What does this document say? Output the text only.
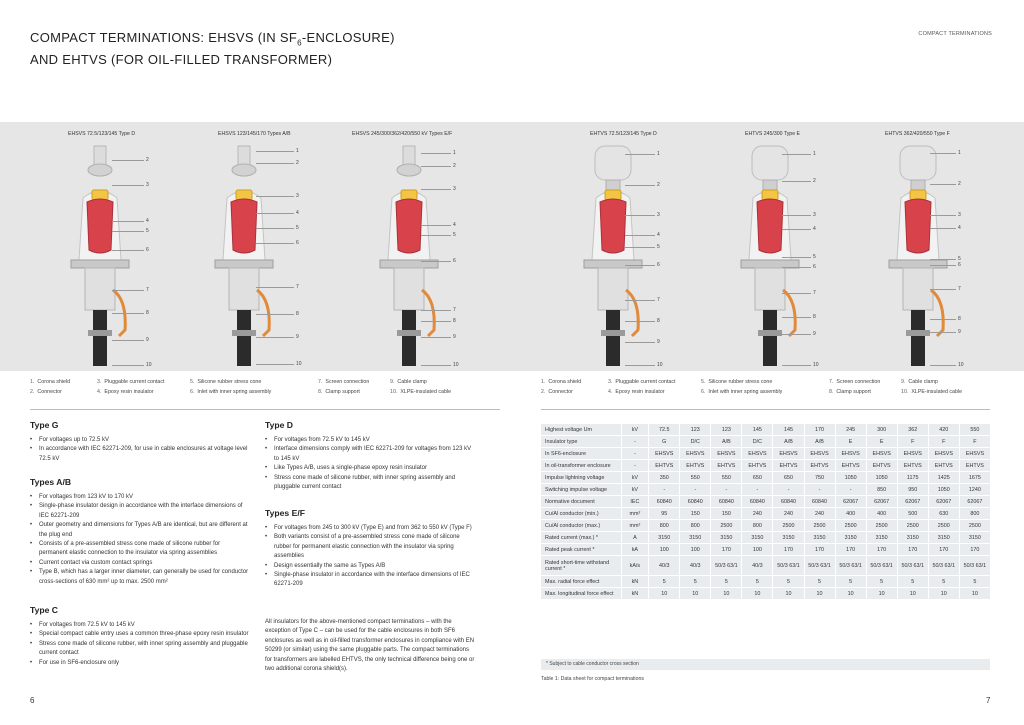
COMPACT TERMINATIONS: EHSVS (IN $SF_6-ENCLOSURE$)
AND EHTVS (FOR OIL-FILLED TRANSFORMER)
COMPACT TERMINATIONS
EHSVS 72.5/123/145 Type D
2
3
4
5
6
7
8
9
10
EHSVS 123/145/170 Types A/B
1
2
3
4
5
6
7
8
9
10
EHSVS 245/300/362/420/550 kV Types E/F
1
2
3
4
5
6
7
8
9
10
EHTVS 72.5/123/145 Type D
1
2
3
4
5
6
7
8
9
10
EHTVS 245/300 Type E
1
2
3
4
5
6
7
8
9
10
EHTVS 362/420/550 Type F
1
2
3
4
5
6
7
8
9
10
1. Corona shield
2. Connector
3. Pluggable current contact
4. Epoxy resin insulator
5. Silicone rubber stress cone
6. Inlet with inner spring assembly
7. Screen connection
8. Clamp support
9. Cable clamp
10. XLPE-insulated cable
1. Corona shield
2. Connector
3. Pluggable current contact
4. Epoxy resin insulator
5. Silicone rubber stress cone
6. Inlet with inner spring assembly
7. Screen connection
8. Clamp support
9. Cable clamp
10. XLPE-insulated cable
Type G
• For voltages up to 72.5 kV
• In accordance with IEC 62271-209, for use in cable enclosures at voltage level 72.5 kV
Types A/B
• For voltages from 123 kV to 170 kV
• Single-phase insulator design in accordance with the interface dimensions of IEC 62271-209
• Outer geometry and dimensions for Types A/B are identical, but are different at the plug end
• Consists of a pre-assembled stress cone made of silicone rubber for permanent elastic connection to the insulator via spring assemblies
• Current contact via custom contact springs
• Type B, which has a larger inner diameter, can generally be used for conductor cross-sections of 630 mm² up to max. 2500 mm²
Type C
• For voltages from 72.5 kV to 145 kV
• Special compact cable entry uses a common three-phase epoxy resin insulator
• Stress cone made of silicone rubber, with inner spring assembly and pluggable current contact
• For use in SF6-enclosure only
Type D
• For voltages from 72.5 kV to 145 kV
• Interface dimensions comply with IEC 62271-209 for voltages from 123 kV to 145 kV
• Like Types A/B, uses a single-phase epoxy resin insulator
• Stress cone made of silicone rubber, with inner spring assembly and pluggable current contact
Types E/F
• For voltages from 245 to 300 kV (Type E) and from 362 to 550 kV (Type F)
• Both variants consist of a pre-assembled stress cone made of silicone rubber for permanent elastic connection with the insulator via spring assemblies
• Design essentially the same as Types A/B
• Single-phase insulator in accordance with the interface dimensions of IEC 62271-209
All insulators for the above-mentioned compact terminations – with the exception of Type C – can be used for the cable enclosures in both SF6 enclosures as well as in oil-filled transformer enclosures in compliance with EN 50299 (or similar) using the same pluggable parts. The compact terminations for transformers are labelled EHTVS, the only technical difference being one or two additional corona shield(s).
Highest voltage Um	kV	72.5	123	123	145	145	170	245	300	362	420	550
Insulator type	-	G	D/C	A/B	D/C	A/B	A/B	E	E	F	F	F
In SF6-enclosure	-	EHSVS	EHSVS	EHSVS	EHSVS	EHSVS	EHSVS	EHSVS	EHSVS	EHSVS	EHSVS	EHSVS
In oil-transformer enclosure	-	EHTVS	EHTVS	EHTVS	EHTVS	EHTVS	EHTVS	EHTVS	EHTVS	EHTVS	EHTVS	EHTVS
Impulse lightning voltage	kV	350	550	550	650	650	750	1050	1050	1175	1425	1675
Switching impulse voltage	kV	-	-	-	-	-	-	-	850	950	1050	1240
Normative document	IEC	60840	60840	60840	60840	60840	60840	62067	62067	62067	62067	62067
Cu/Al conductor (min.)	mm²	95	150	150	240	240	240	400	400	500	630	800
Cu/Al conductor (max.)	mm²	800	800	2500	800	2500	2500	2500	2500	2500	2500	2500
Rated current (max.) *	A	3150	3150	3150	3150	3150	3150	3150	3150	3150	3150	3150
Rated peak current *	kA	100	100	170	100	170	170	170	170	170	170	170
Rated short-time withstand current *	kA/s	40/3	40/3	50/3 63/1	40/3	50/3 63/1	50/3 63/1	50/3 63/1	50/3 63/1	50/3 63/1	50/3 63/1	50/3 63/1
Max. radial force effect	kN	5	5	5	5	5	5	5	5	5	5	5
Max. longitudinal force effect	kN	10	10	10	10	10	10	10	10	10	10	10
* Subject to cable conductor cross section
Table 1: Data sheet for compact terminations
6	7
